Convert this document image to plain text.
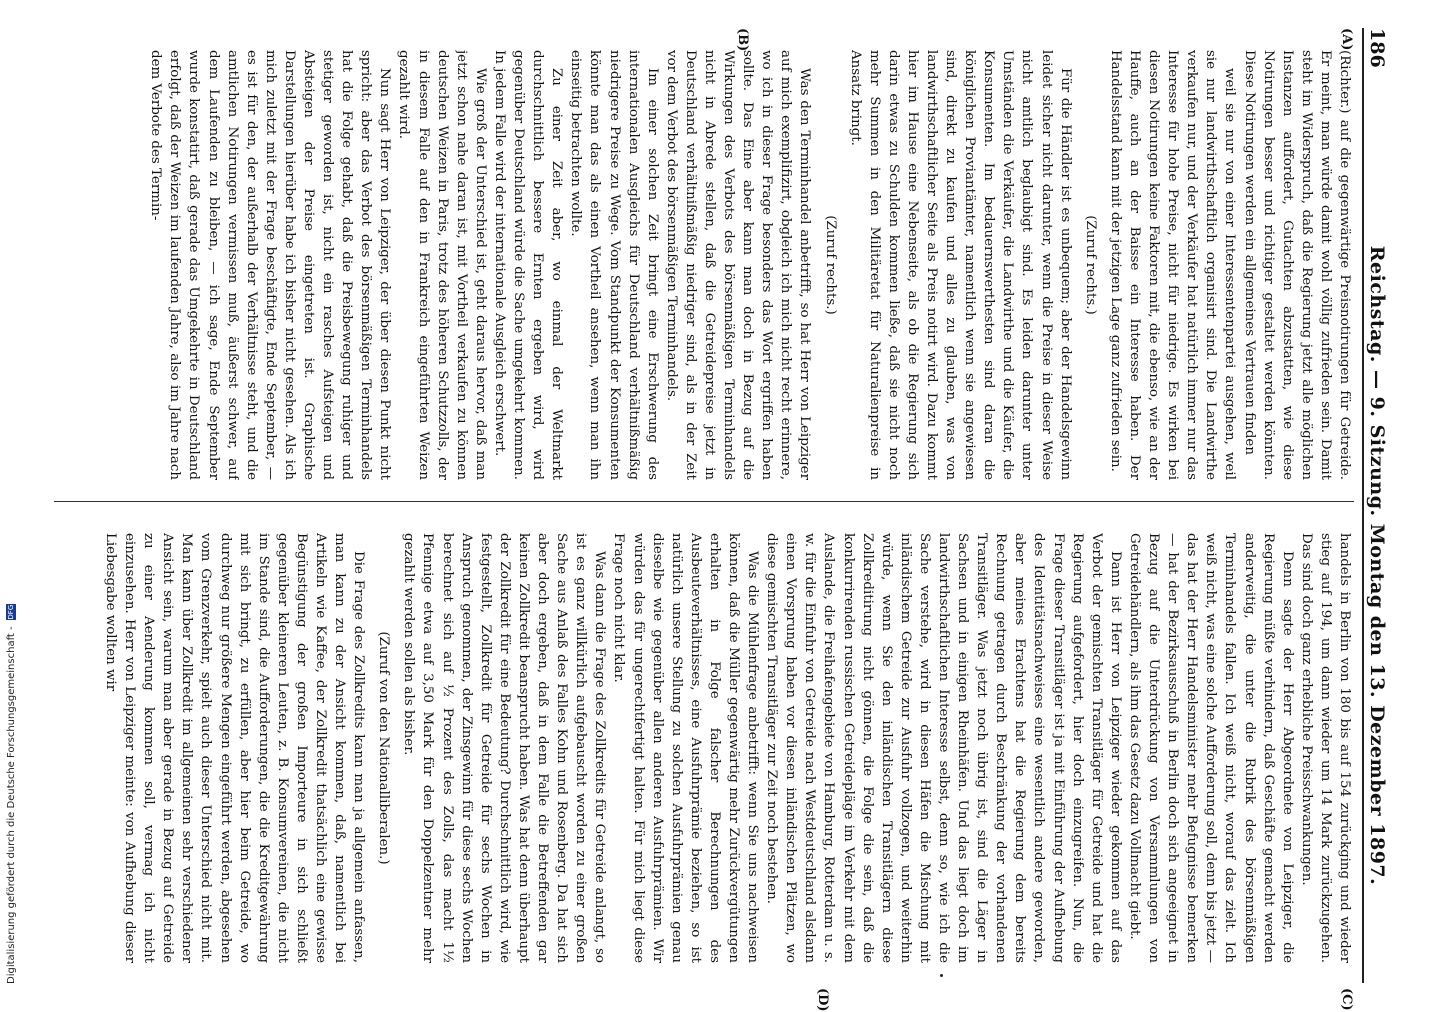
186
Reichstag. — 9. Sitzung. Montag den 13. Dezember 1897.
(A)
(B)
(C)
(D)

(Richter.) auf die gegenwärtige Preisnotirungen für Getreide. Er meint, man würde damit wohl völlig zufrieden sein. Damit steht im Widerspruch, daß die Regierung jetzt alle möglichen Instanzen auffordert, Gutachten abzustatten, wie diese Notirungen besser und richtiger gestaltet werden könnten. Diese Notirungen werden ein allgemeines Vertrauen finden

weil sie nur von einer Interessentenpartei ausgehen, weil sie nur landwirthschaftlich organisirt sind. Die Landwirthe verkaufen nur, und der Verkäufer hat natürlich immer nur das Interesse für hohe Preise, nicht für niedrige. Es wirken bei diesen Notirungen keine Faktoren mit, die ebenso, wie an der Hauffe, auch an der Baisse ein Interesse haben. Der Handelsstand kann mit der jetzigen Lage ganz zufrieden sein.

(Zuruf rechts.)

Für die Händler ist es unbequem; aber der Handelsgewinn leidet sicher nicht darunter, wenn die Preise in dieser Weise nicht amtlich beglaubigt sind. Es leiden darunter unter Umständen die Verkäufer, die Landwirthe und die Käufer, die Konsumenten. Im bedauernswerthesten sind daran die königlichen Proviantämter, namentlich wenn sie angewiesen sind, direkt zu kaufen und alles zu glauben, was von landwirthschaftlicher Seite als Preis notirt wird. Dazu kommt hier im Hause eine Nebenseite, als ob die Regierung sich darin etwas zu Schulden kommen ließe, daß sie nicht noch mehr Summen in den Militäretat für Naturalienpreise in Ansatz bringt.

(Zuruf rechts.)

Was den Terminhandel anbetrifft, so hat Herr von Leipziger auf mich exemplifizirt, obgleich ich mich nicht recht erinnere, wo ich in dieser Frage besonders das Wort ergriffen haben sollte. Das Eine aber kann man doch in Bezug auf die Wirkungen des Verbots des börsenmäßigen Terminhandels nicht in Abrede stellen, daß die Getreidepreise jetzt in Deutschland verhältnißmäßig niedriger sind, als in der Zeit vor dem Verbot des börsenmäßigen Terminhandels.

Im einer solchen Zeit bringt eine Erschwerung des internationalen Ausgleichs für Deutschland verhältnißmäßig niedrigere Preise zu Wege. Vom Standpunkt der Konsumenten könnte man das als einen Vortheil ansehen, wenn man ihn einseitig betrachten wollte.

Zu einer Zeit aber, wo einmal der Weltmarkt durchschnittlich bessere Ernten ergeben wird, wird gegenüber Deutschland würde die Sache umgekehrt kommen. In jedem Falle wird der internationale Ausgleich erschwert.

Wie groß der Unterschied ist, geht daraus hervor, daß man jetzt schon nahe daran ist, mit Vortheil verkaufen zu können deutschen Weizen in Paris, trotz des höheren Schutzzolls, der in diesem Falle auf den in Frankreich eingeführten Weizen gezahlt wird.

Nun sagt Herr von Leipziger, der über diesen Punkt nicht spricht: aber das Verbot des börsenmäßigen Terminhandels hat die Folge gehabt, daß die Preisbewegung ruhiger und stetiger geworden ist, nicht ein rasches Aufsteigen und Absteigen der Preise eingetreten ist. Graphische Darstellungen hierüber habe ich bisher nicht gesehen. Als ich mich zuletzt mit der Frage beschäftigte, Ende September, — es ist für den, der außerhalb der Verhältnisse steht, und die amtlichen Notirungen vermissen muß, äußerst schwer, auf dem Laufenden zu bleiben, — ich sage, Ende September wurde konstatirt, daß gerade das Umgekehrte in Deutschland erfolgt, daß der Weizen im laufenden Jahre, also im Jahre nach dem Verbote des Termin-

handels in Berlin von 180 bis auf 154 zurückging und wieder stieg auf 194, um dann wieder um 14 Mark zurückzugehen. Das sind doch ganz erhebliche Preisschwankungen.

Denn sagte der Herr Abgeordnete von Leipziger, die Regierung müßte verhindern, daß Geschäfte gemacht werden anderweitig, die unter die Rubrik des börsenmäßigen Terminhandels fallen. Ich weiß nicht, worauf das zielt. Ich weiß nicht, was eine solche Aufforderung soll, denn bis jetzt — das hat der Herr Handelsminister mehr Befugnisse bemerken — hat der Bezirksausschuß in Berlin doch sich angeeignet in Bezug auf die Unterdrückung von Versammlungen von Getreidehändlern, als ihm das Gesetz dazu Vollmacht giebt.

Dann ist Herr von Leipziger wieder gekommen auf das Verbot der gemischten Transitläger für Getreide und hat die Regierung aufgefordert, hier doch einzugreifen. Nun, die Frage dieser Transitläger ist ja mit Einführung der Aufhebung des Identitätsnachweises eine wesentlich andere geworden, aber meines Erachtens hat die Regierung dem bereits Rechnung getragen durch Beschränkung der vorhandenen Transitläger. Was jetzt noch übrig ist, sind die Läger in Sachsen und in einigen Rheinhäfen. Und das liegt doch im landwirthschaftlichen Interesse selbst, denn so, wie ich die Sache verstehe, wird in diesen Häfen die Mischung mit inländischem Getreide zur Ausfuhr vollzogen, und weiterhin würde, wenn Sie den inländischen Transitlägern diese Zollkreditirung nicht gönnen, die Folge die sein, daß die konkurrirenden russischen Getreidepläge im Verkehr mit dem Auslande, die Freihafengebiete von Hamburg, Rotterdam u. s. w. für die Einfuhr von Getreide nach Westdeutschland alsdann einen Vorsprung haben vor diesen inländischen Plätzen, wo diese gemischten Transitläger zur Zeit noch bestehen.

Was die Mühlenfrage anbetrifft: wenn Sie uns nachweisen können, daß die Müller gegenwärtig mehr Zurückvergütungen erhalten in Folge falscher Berechnungen des Ausbeuteverhältnisses, eine Ausfuhrprämie beziehen, so ist natürlich unsere Stellung zu solchen Ausfuhrprämien genau dieselbe wie gegenüber allen anderen Ausfuhrprämien. Wir würden das für ungerechtfertigt halten. Für mich liegt diese Frage noch nicht klar.

Was dann die Frage des Zollkredits für Getreide anlangt, so ist es ganz willkürlich aufgebauscht worden zu einer großen Sache aus Anlaß des Falles Kohn und Rosenberg. Da hat sich aber doch ergeben, daß in dem Falle die Betreffenden gar keinen Zollkredit beansprucht haben. Was hat denn überhaupt der Zollkredit für eine Bedeutung? Durchschnittlich wird, wie festgestellt, Zollkredit für Getreide für sechs Wochen in Anspruch genommen, der Zinsgewinn für diese sechs Wochen berechnet sich auf ½ Prozent des Zolls, das macht 1½ Pfennige etwa auf 3,50 Mark für den Doppelzentner mehr gezahlt werden sollen als bisher.

(Zuruf von den Nationalliberalen.)

Die Frage des Zollkredits kann man ja allgemein anfassen, man kann zu der Ansicht kommen, daß, namentlich bei Artikeln wie Kaffee, der Zollkredit thatsächlich eine gewisse Begünstigung der großen Importeure in sich schließt gegenüber kleineren Leuten, z. B. Konsumvereinen, die nicht im Stande sind, die Aufforderungen, die die Kreditgewährung mit sich bringt, zu erfüllen, aber hier beim Getreide, wo durchweg nur größere Mengen eingeführt werden, abgesehen vom Grenzverkehr, spielt auch dieser Unterschied nicht mit. Man kann über Zollkredit im allgemeinen sehr verschiedener Ansicht sein, warum man aber gerade in Bezug auf Getreide zu einer Aenderung kommen soll, vermag ich nicht einzusehen. Herr von Leipziger meinte: von Aufhebung dieser Liebesgabe wollten wir

Digitalisierung gefördert durch die Deutsche Forschungsgemeinschaft - DFG
